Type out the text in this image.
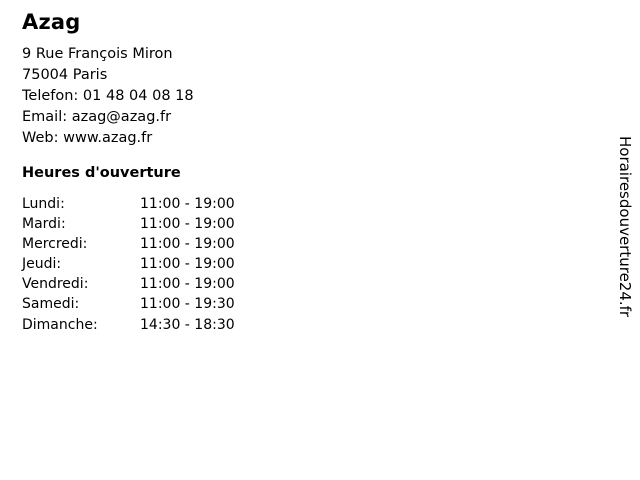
Azag
9 Rue François Miron
75004 Paris
Telefon: 01 48 04 08 18
Email: azag@azag.fr
Web: www.azag.fr
Heures d'ouverture
Lundi:	11:00 - 19:00
Mardi:	11:00 - 19:00
Mercredi:	11:00 - 19:00
Jeudi:	11:00 - 19:00
Vendredi:	11:00 - 19:00
Samedi:	11:00 - 19:30
Dimanche:	14:30 - 18:30
Horairesdouverture24.fr
